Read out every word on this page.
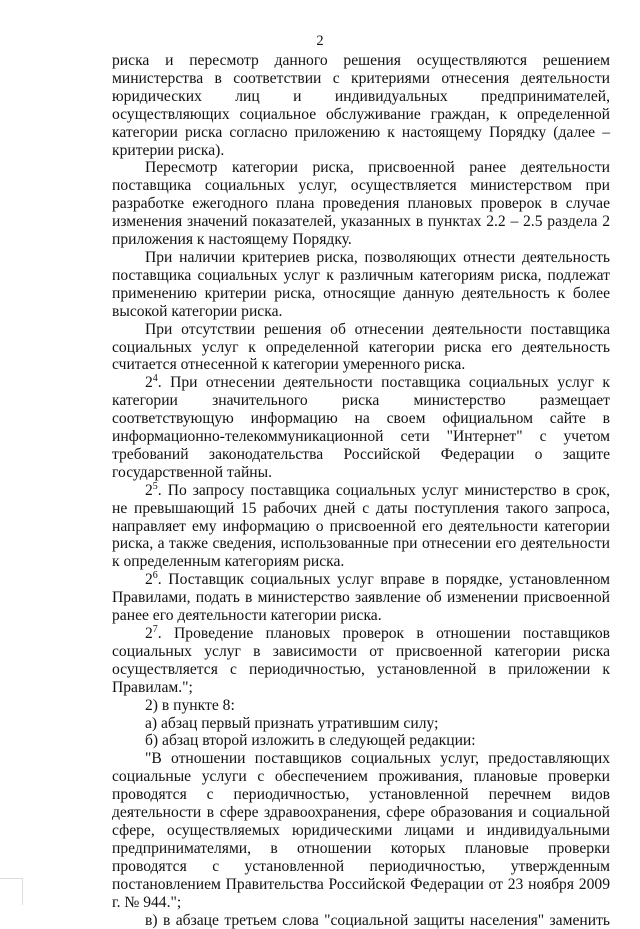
2

риска и пересмотр данного решения осуществляются решением министерства в соответствии с критериями отнесения деятельности юридических лиц и индивидуальных предпринимателей, осуществляющих социальное обслуживание граждан, к определенной категории риска согласно приложению к настоящему Порядку (далее – критерии риска).

Пересмотр категории риска, присвоенной ранее деятельности поставщика социальных услуг, осуществляется министерством при разработке ежегодного плана проведения плановых проверок в случае изменения значений показателей, указанных в пунктах 2.2 – 2.5 раздела 2 приложения к настоящему Порядку.

При наличии критериев риска, позволяющих отнести деятельность поставщика социальных услуг к различным категориям риска, подлежат применению критерии риска, относящие данную деятельность к более высокой категории риска.

При отсутствии решения об отнесении деятельности поставщика социальных услуг к определенной категории риска его деятельность считается отнесенной к категории умеренного риска.

$2^4$. При отнесении деятельности поставщика социальных услуг к категории значительного риска министерство размещает соответствующую информацию на своем официальном сайте в информационно-телекоммуникационной сети "Интернет" с учетом требований законодательства Российской Федерации о защите государственной тайны.

$2^5$. По запросу поставщика социальных услуг министерство в срок, не превышающий 15 рабочих дней с даты поступления такого запроса, направляет ему информацию о присвоенной его деятельности категории риска, а также сведения, использованные при отнесении его деятельности к определенным категориям риска.

$2^6$. Поставщик социальных услуг вправе в порядке, установленном Правилами, подать в министерство заявление об изменении присвоенной ранее его деятельности категории риска.

$2^7$. Проведение плановых проверок в отношении поставщиков социальных услуг в зависимости от присвоенной категории риска осуществляется с периодичностью, установленной в приложении к Правилам.";

2) в пункте 8:

а) абзац первый признать утратившим силу;

б) абзац второй изложить в следующей редакции:

"В отношении поставщиков социальных услуг, предоставляющих социальные услуги с обеспечением проживания, плановые проверки проводятся с периодичностью, установленной перечнем видов деятельности в сфере здравоохранения, сфере образования и социальной сфере, осуществляемых юридическими лицами и индивидуальными предпринимателями, в отношении которых плановые проверки проводятся с установленной периодичностью, утвержденным постановлением Правительства Российской Федерации от 23 ноября 2009 г. № 944.";

в) в абзаце третьем слова "социальной защиты населения" заменить
